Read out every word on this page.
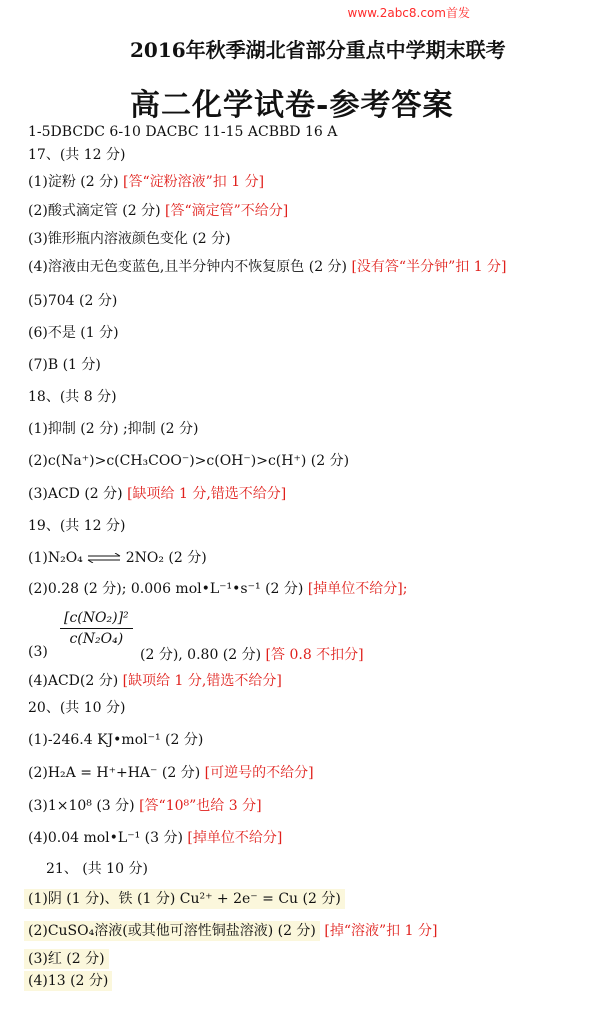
www.2abc8.com首发
2016年秋季湖北省部分重点中学期末联考
高二化学试卷-参考答案
1-5DBCDC 6-10 DACBC 11-15 ACBBD 16 A
17、(共 12 分)
(1)淀粉 (2 分) [答“淀粉溶液”扣 1 分]
(2)酸式滴定管 (2 分) [答“滴定管”不给分]
(3)锥形瓶内溶液颜色变化 (2 分)
(4)溶液由无色变蓝色,且半分钟内不恢复原色 (2 分) [没有答“半分钟”扣 1 分]
(5)704 (2 分)
(6)不是 (1 分)
(7)B (1 分)
18、(共 8 分)
(1)抑制 (2 分) ;抑制 (2 分)
(2)c(Na⁺)>c(CH₃COO⁻)>c(OH⁻)>c(H⁺) (2 分)
(3)ACD (2 分) [缺项给 1 分,错选不给分]
19、(共 12 分)
(1)N₂O₄ ⇌ 2NO₂ (2 分)
(2)0.28 (2 分); 0.006 mol•L⁻¹•s⁻¹ (2 分) [掉单位不给分];
$\frac{\text{[c(NO₂)]²}}{\text{c(N₂O₄)}}$
(3)	(2 分), 0.80 (2 分) [答 0.8 不扣分]
(4)ACD(2 分) [缺项给 1 分,错选不给分]
20、(共 10 分)
(1)-246.4 KJ•mol⁻¹ (2 分)
(2)H₂A = H⁺+HA⁻ (2 分) [可逆号的不给分]
(3)1×10⁸ (3 分) [答“10⁸”也给 3 分]
(4)0.04 mol•L⁻¹ (3 分) [掉单位不给分]
21、 (共 10 分)
(1)阴 (1 分)、铁 (1 分) Cu²⁺ + 2e⁻ = Cu (2 分)
(2)CuSO₄溶液(或其他可溶性铜盐溶液) (2 分) [掉“溶液”扣 1 分]
(3)红 (2 分)
(4)13 (2 分)
